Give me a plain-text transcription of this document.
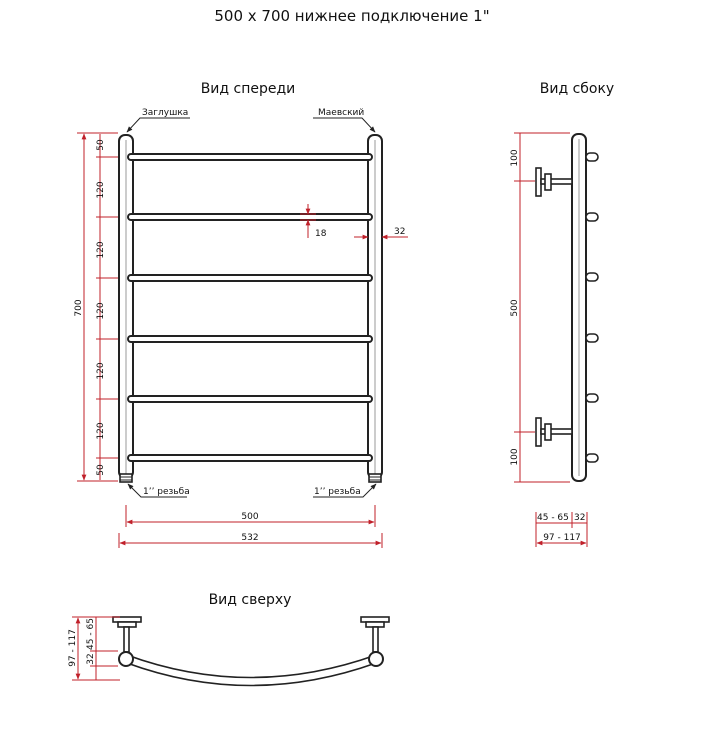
500 х 700 нижнее подключение 1"
Вид спереди
Заглушка	Маевский
1’’ резьба	1’’ резьба
700
50
120
120
120
120
120
50
18	32
500
532
Вид сбоку
100
500
100
45 - 65 32
97 - 117
Вид сверху
97 - 117 45 - 65
32
